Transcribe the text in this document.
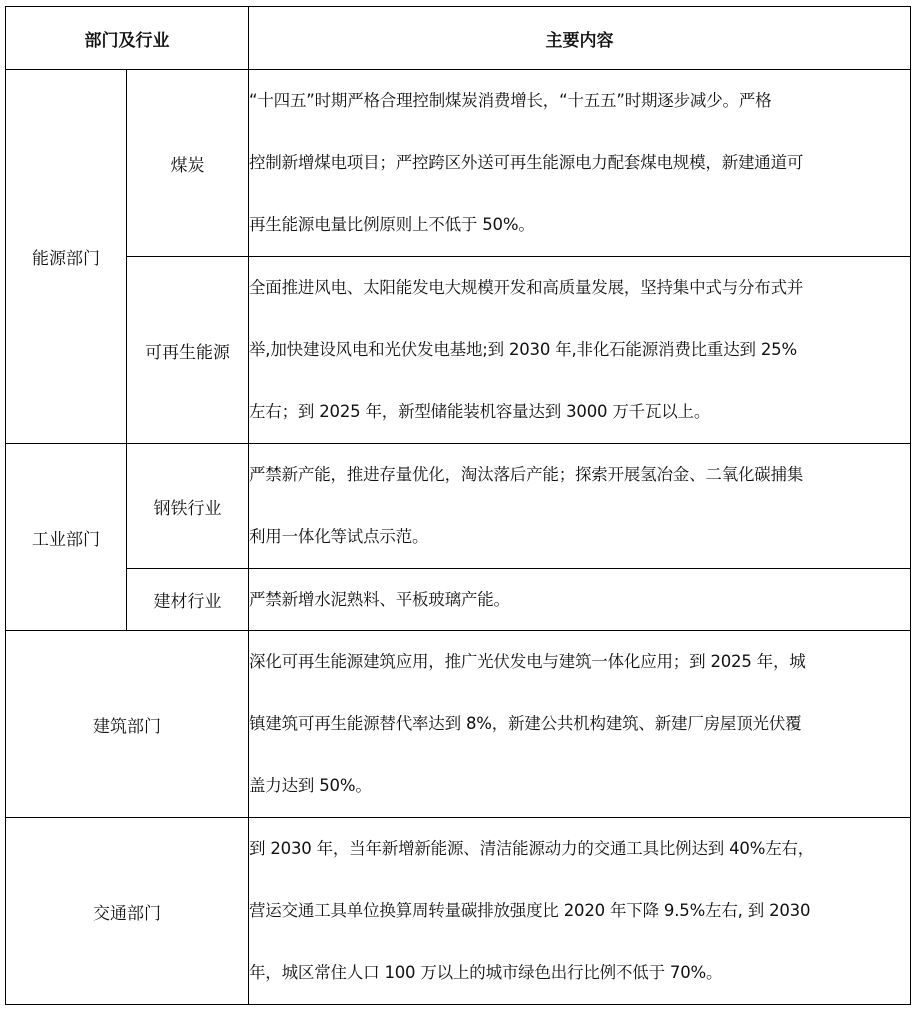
部门及行业		主要内容
能源部门	煤炭	“十四五”时期严格合理控制煤炭消费增长，“十五五”时期逐步减少。严格
控制新增煤电项目；严控跨区外送可再生能源电力配套煤电规模，新建通道可
再生能源电量比例原则上不低于 50%。

	可再生能源	全面推进风电、太阳能发电大规模开发和高质量发展，坚持集中式与分布式并
举,加快建设风电和光伏发电基地;到 2030 年,非化石能源消费比重达到 25%
左右；到 2025 年，新型储能装机容量达到 3000 万千瓦以上。

工业部门	钢铁行业	严禁新产能，推进存量优化，淘汰落后产能；探索开展氢冶金、二氧化碳捕集
利用一体化等试点示范。

	建材行业	严禁新增水泥熟料、平板玻璃产能。

建筑部门		深化可再生能源建筑应用，推广光伏发电与建筑一体化应用；到 2025 年，城
镇建筑可再生能源替代率达到 8%，新建公共机构建筑、新建厂房屋顶光伏覆
盖力达到 50%。

交通部门		到 2030 年，当年新增新能源、清洁能源动力的交通工具比例达到 40%左右，
营运交通工具单位换算周转量碳排放强度比 2020 年下降 9.5%左右, 到 2030
年，城区常住人口 100 万以上的城市绿色出行比例不低于 70%。
